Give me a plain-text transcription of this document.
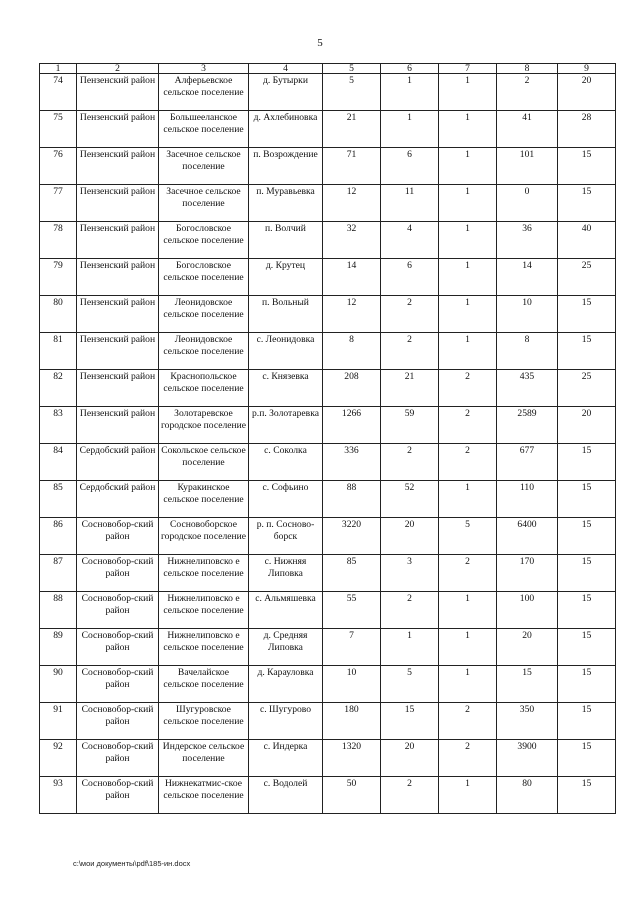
5
1	2	3	4	5	6	7	8	9
74	Пензенский район	Алферьевское сельское поселение	д. Бутырки	5	1	1	2	20
75	Пензенский район	Большееланское сельское поселение	д. Ахлебиновка	21	1	1	41	28
76	Пензенский район	Засечное сельское поселение	п. Возрождение	71	6	1	101	15
77	Пензенский район	Засечное сельское поселение	п. Муравьевка	12	11	1	0	15
78	Пензенский район	Богословское сельское поселение	п. Волчий	32	4	1	36	40
79	Пензенский район	Богословское сельское поселение	д. Крутец	14	6	1	14	25
80	Пензенский район	Леонидовское сельское поселение	п. Вольный	12	2	1	10	15
81	Пензенский район	Леонидовское сельское поселение	с. Леонидовка	8	2	1	8	15
82	Пензенский район	Краснопольское сельское поселение	с. Князевка	208	21	2	435	25
83	Пензенский район	Золотаревское городское поселение	р.п. Золотаревка	1266	59	2	2589	20
84	Сердобский район	Сокольское сельское поселение	с. Соколка	336	2	2	677	15
85	Сердобский район	Куракинское сельское поселение	с. Софьино	88	52	1	110	15
86	Сосновобор-ский район	Сосновоборское городское поселение	р. п. Сосново-борск	3220	20	5	6400	15
87	Сосновобор-ский район	Нижнелиповско е сельское поселение	с. Нижняя Липовка	85	3	2	170	15
88	Сосновобор-ский район	Нижнелиповско е сельское поселение	с. Альмяшевка	55	2	1	100	15
89	Сосновобор-ский район	Нижнелиповско е сельское поселение	д. Средняя Липовка	7	1	1	20	15
90	Сосновобор-ский район	Вачелайское сельское поселение	д. Карауловка	10	5	1	15	15
91	Сосновобор-ский район	Шугуровское сельское поселение	с. Шугурово	180	15	2	350	15
92	Сосновобор-ский район	Индерское сельское поселение	с. Индерка	1320	20	2	3900	15
93	Сосновобор-ский район	Нижнекатмис-ское сельское поселение	с. Водолей	50	2	1	80	15
c:\мои документы\pdf\185-ин.docx
